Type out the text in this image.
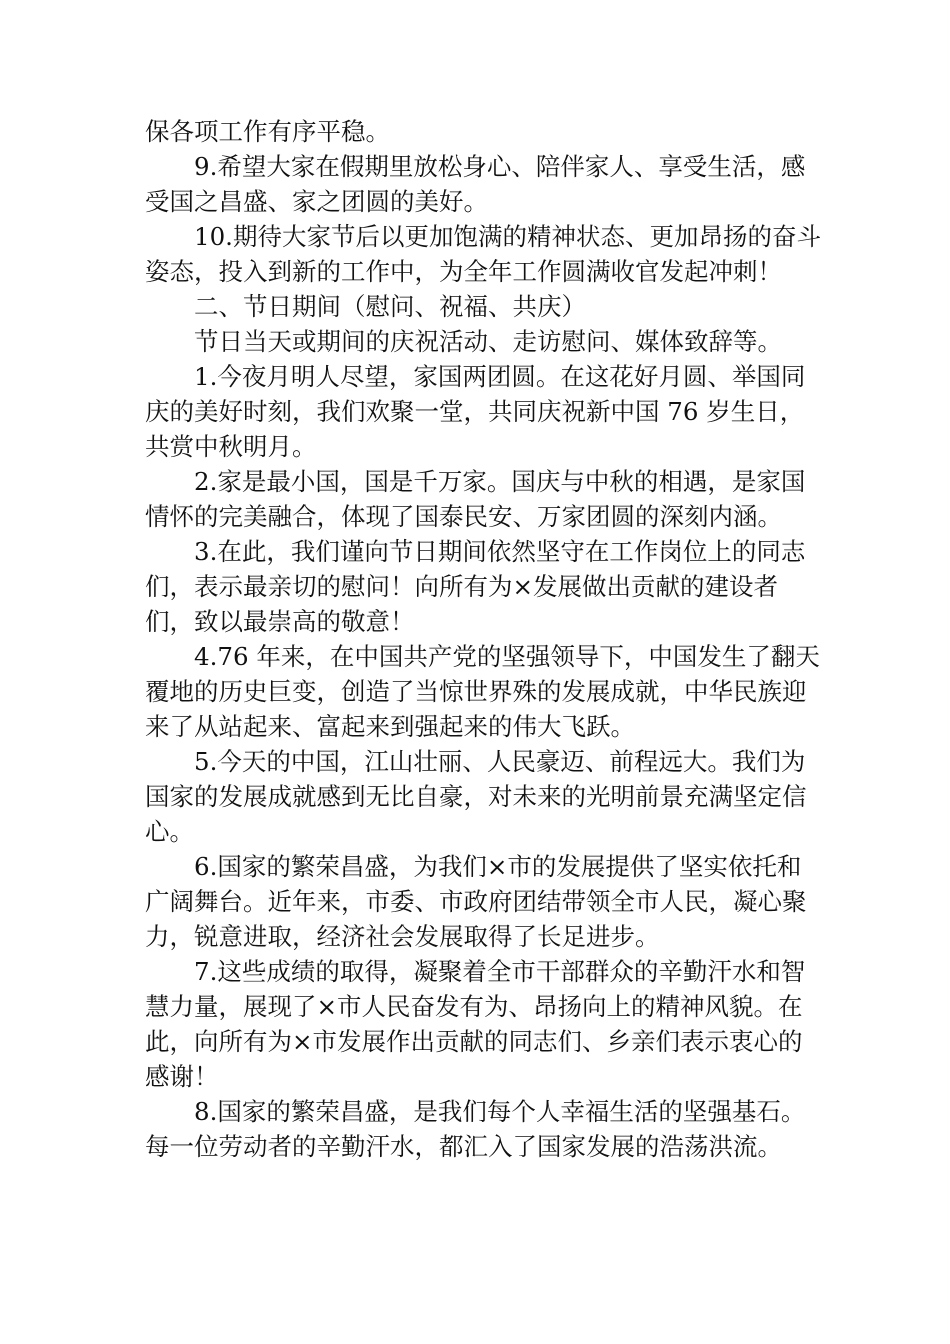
保各项工作有序平稳。

9.希望大家在假期里放松身心、陪伴家人、享受生活，感受国之昌盛、家之团圆的美好。

10.期待大家节后以更加饱满的精神状态、更加昂扬的奋斗姿态，投入到新的工作中，为全年工作圆满收官发起冲刺！

二、节日期间（慰问、祝福、共庆）

节日当天或期间的庆祝活动、走访慰问、媒体致辞等。

1.今夜月明人尽望，家国两团圆。在这花好月圆、举国同庆的美好时刻，我们欢聚一堂，共同庆祝新中国 76 岁生日，共赏中秋明月。

2.家是最小国，国是千万家。国庆与中秋的相遇，是家国情怀的完美融合，体现了国泰民安、万家团圆的深刻内涵。

3.在此，我们谨向节日期间依然坚守在工作岗位上的同志们，表示最亲切的慰问！向所有为×发展做出贡献的建设者们，致以最崇高的敬意！

4.76 年来，在中国共产党的坚强领导下，中国发生了翻天覆地的历史巨变，创造了当惊世界殊的发展成就，中华民族迎来了从站起来、富起来到强起来的伟大飞跃。

5.今天的中国，江山壮丽、人民豪迈、前程远大。我们为国家的发展成就感到无比自豪，对未来的光明前景充满坚定信心。

6.国家的繁荣昌盛，为我们×市的发展提供了坚实依托和广阔舞台。近年来，市委、市政府团结带领全市人民，凝心聚力，锐意进取，经济社会发展取得了长足进步。

7.这些成绩的取得，凝聚着全市干部群众的辛勤汗水和智慧力量，展现了×市人民奋发有为、昂扬向上的精神风貌。在此，向所有为×市发展作出贡献的同志们、乡亲们表示衷心的感谢！

8.国家的繁荣昌盛，是我们每个人幸福生活的坚强基石。每一位劳动者的辛勤汗水，都汇入了国家发展的浩荡洪流。
